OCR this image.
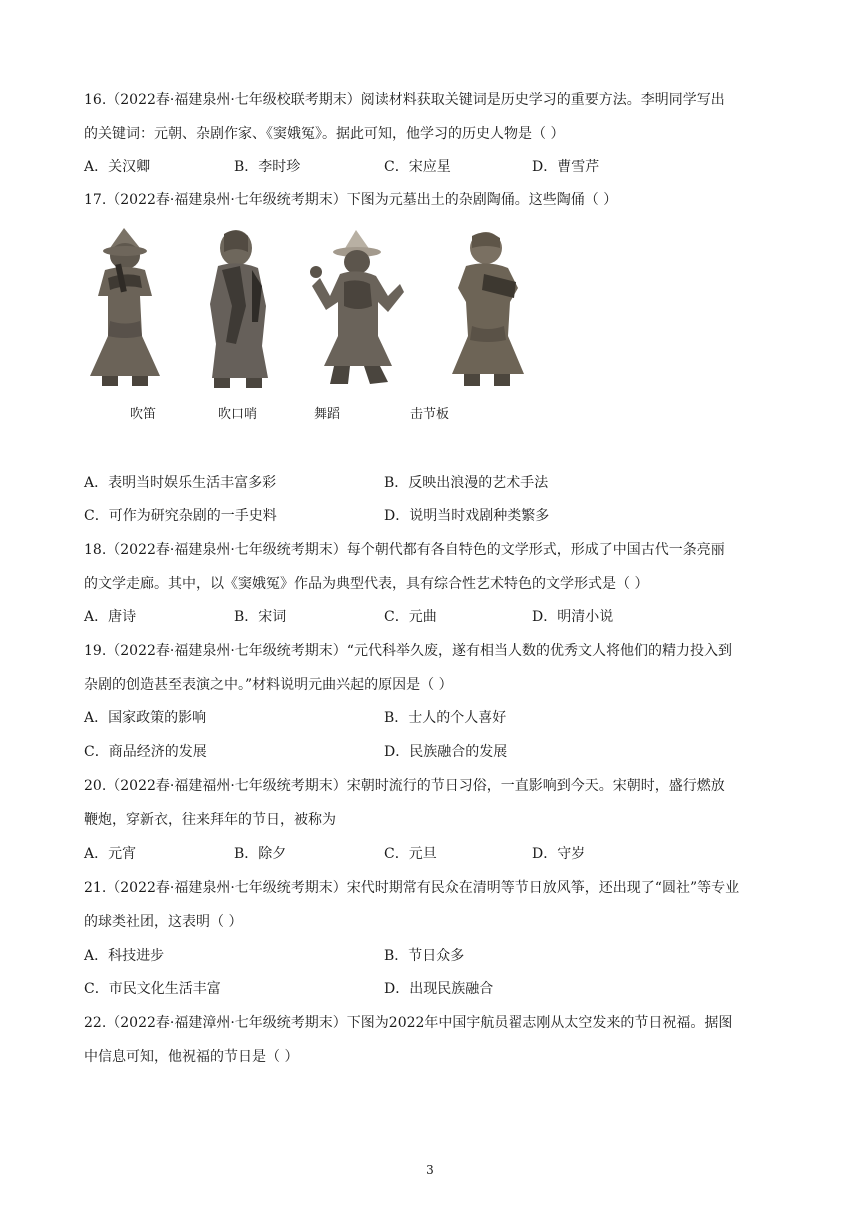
16.（2022春·福建泉州·七年级校联考期末）阅读材料获取关键词是历史学习的重要方法。李明同学写出
的关键词：元朝、杂剧作家、《窦娥冤》。据此可知，他学习的历史人物是（ ）
A．关汉卿	B．李时珍	C．宋应星	D．曹雪芹
17.（2022春·福建泉州·七年级统考期末）下图为元墓出土的杂剧陶俑。这些陶俑（ ）
吹笛	吹口哨	舞蹈	击节板
A．表明当时娱乐生活丰富多彩	B．反映出浪漫的艺术手法
C．可作为研究杂剧的一手史料	D．说明当时戏剧种类繁多
18.（2022春·福建泉州·七年级统考期末）每个朝代都有各自特色的文学形式，形成了中国古代一条亮丽
的文学走廊。其中，以《窦娥冤》作品为典型代表，具有综合性艺术特色的文学形式是（ ）
A．唐诗	B．宋词	C．元曲	D．明清小说
19.（2022春·福建泉州·七年级统考期末）“元代科举久废，遂有相当人数的优秀文人将他们的精力投入到
杂剧的创造甚至表演之中。”材料说明元曲兴起的原因是（ ）
A．国家政策的影响	B．士人的个人喜好
C．商品经济的发展	D．民族融合的发展
20.（2022春·福建福州·七年级统考期末）宋朝时流行的节日习俗，一直影响到今天。宋朝时，盛行燃放
鞭炮，穿新衣，往来拜年的节日，被称为
A．元宵	B．除夕	C．元旦	D．守岁
21.（2022春·福建泉州·七年级统考期末）宋代时期常有民众在清明等节日放风筝，还出现了“圆社”等专业
的球类社团，这表明（ ）
A．科技进步	B．节日众多
C．市民文化生活丰富	D．出现民族融合
22.（2022春·福建漳州·七年级统考期末）下图为2022年中国宇航员翟志刚从太空发来的节日祝福。据图
中信息可知，他祝福的节日是（ ）
3
